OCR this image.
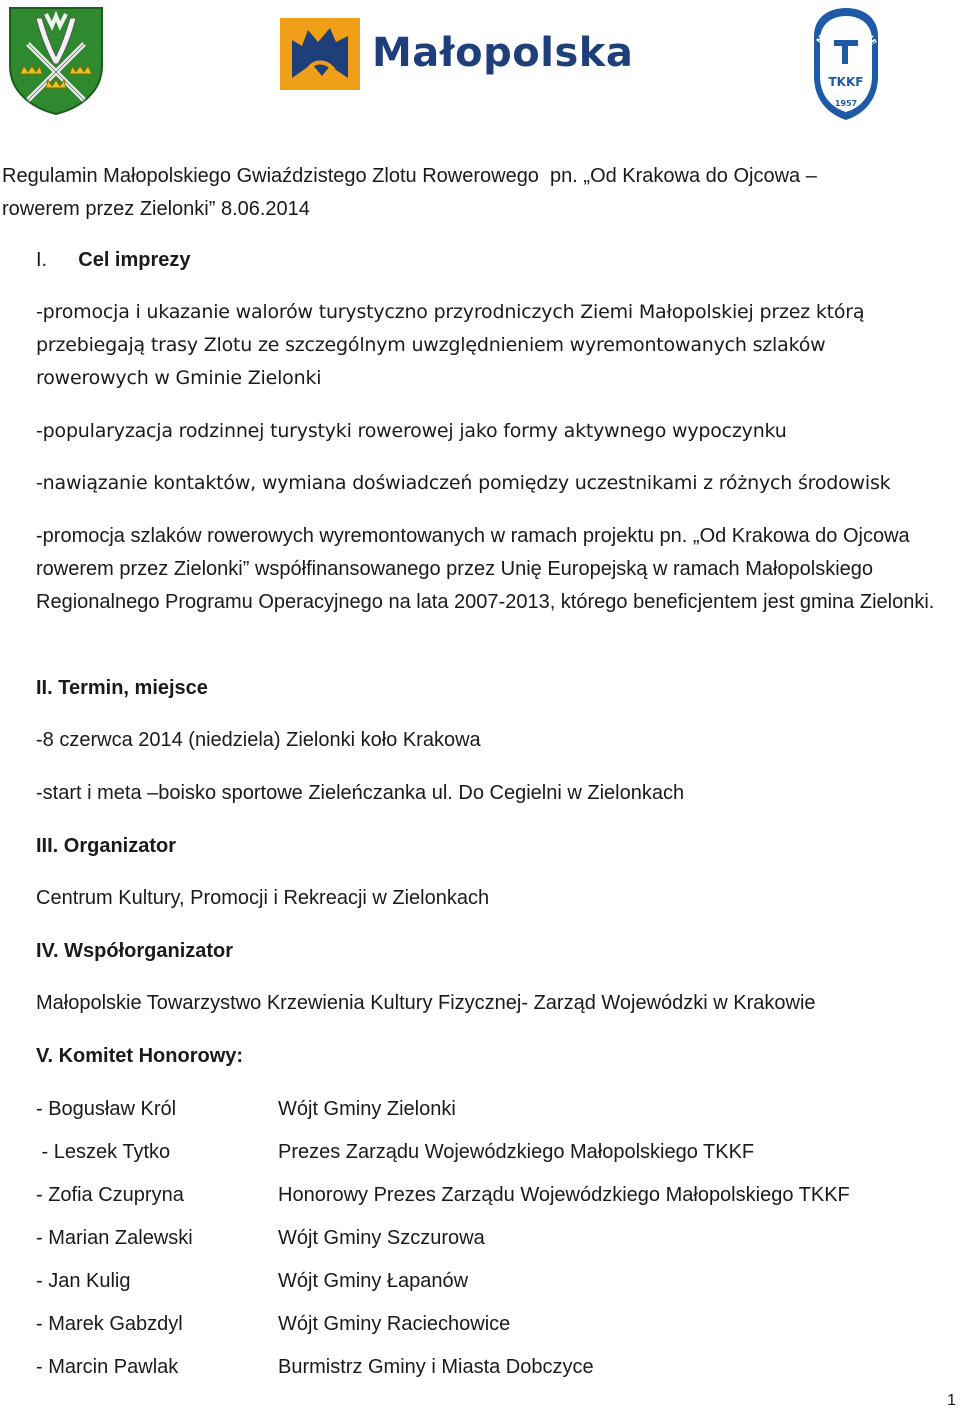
Małopolska	MAŁOPOLSKIE
TKKF
1957
Regulamin Małopolskiego Gwiaździstego Zlotu Rowerowego  pn. „Od Krakowa do Ojcowa –
rowerem przez Zielonki” 8.06.2014
I. Cel imprezy
-promocja i ukazanie walorów turystyczno przyrodniczych Ziemi Małopolskiej przez którą przebiegają trasy Zlotu ze szczególnym uwzględnieniem wyremontowanych szlaków rowerowych w Gminie Zielonki
-popularyzacja rodzinnej turystyki rowerowej jako formy aktywnego wypoczynku
-nawiązanie kontaktów, wymiana doświadczeń pomiędzy uczestnikami z różnych środowisk
-promocja szlaków rowerowych wyremontowanych w ramach projektu pn. „Od Krakowa do Ojcowa rowerem przez Zielonki” współfinansowanego przez Unię Europejską w ramach Małopolskiego Regionalnego Programu Operacyjnego na lata 2007-2013, którego beneficjentem jest gmina Zielonki.
II. Termin, miejsce
-8 czerwca 2014 (niedziela) Zielonki koło Krakowa
-start i meta –boisko sportowe Zieleńczanka ul. Do Cegielni w Zielonkach
III. Organizator
Centrum Kultury, Promocji i Rekreacji w Zielonkach
IV. Współorganizator
Małopolskie Towarzystwo Krzewienia Kultury Fizycznej- Zarząd Wojewódzki w Krakowie
V. Komitet Honorowy:
- Bogusław Król	Wójt Gminy Zielonki
- Leszek Tytko	Prezes Zarządu Wojewódzkiego Małopolskiego TKKF
- Zofia Czupryna	Honorowy Prezes Zarządu Wojewódzkiego Małopolskiego TKKF
- Marian Zalewski	Wójt Gminy Szczurowa
- Jan Kulig	Wójt Gminy Łapanów
- Marek Gabzdyl	Wójt Gminy Raciechowice
- Marcin Pawlak	Burmistrz Gminy i Miasta Dobczyce
1
